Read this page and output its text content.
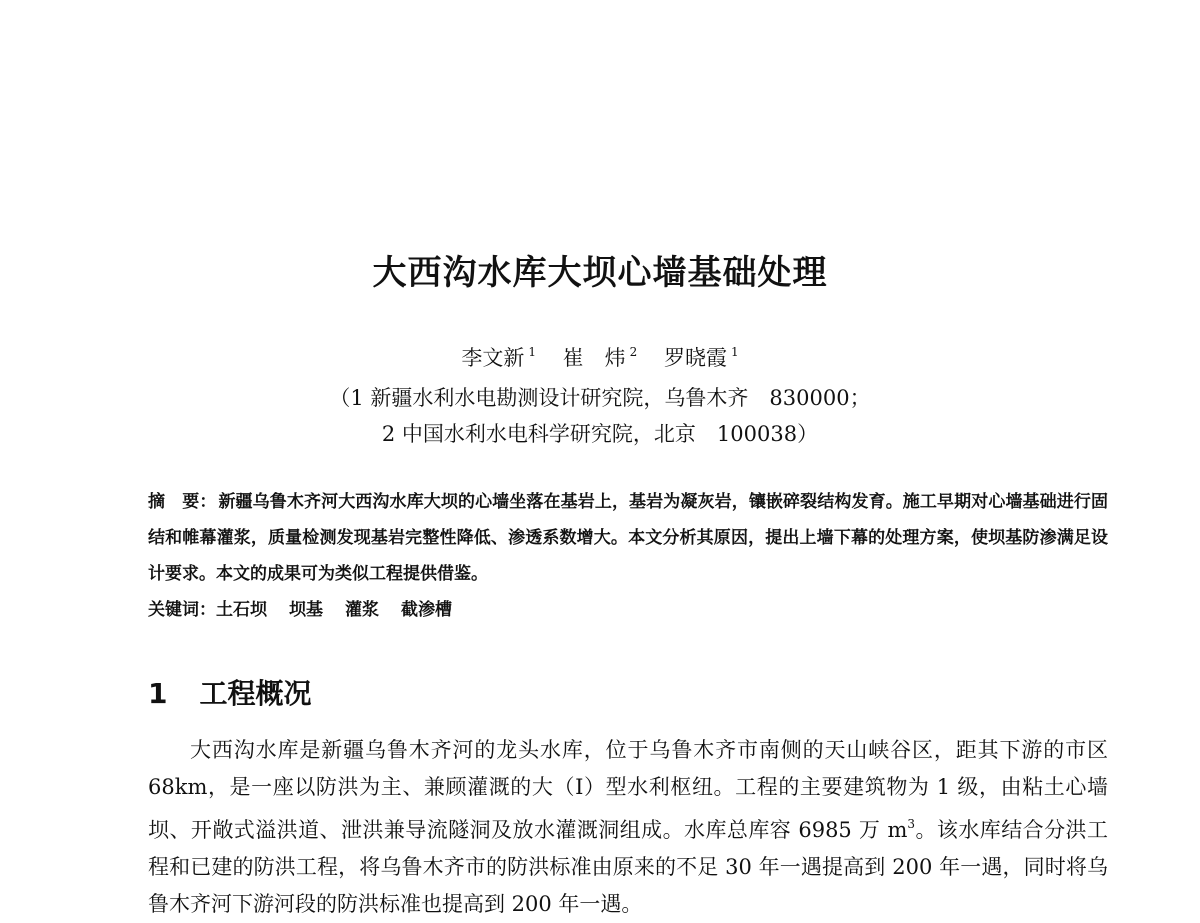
大西沟水库大坝心墙基础处理
李文新 $^1$ 崔　炜 $^2$ 罗晓霞 $^1$
（1 新疆水利水电勘测设计研究院，乌鲁木齐　830000；
2 中国水利水电科学研究院，北京　100038）
摘　要： 新疆乌鲁木齐河大西沟水库大坝的心墙坐落在基岩上，基岩为凝灰岩，镶嵌碎裂结构发育。施工早期对心墙基础进行固结和帷幕灌浆，质量检测发现基岩完整性降低、渗透系数增大。本文分析其原因，提出上墙下幕的处理方案，使坝基防渗满足设计要求。本文的成果可为类似工程提供借鉴。
关键词：土石坝 坝基 灌浆 截渗槽
1 工程概况
大西沟水库是新疆乌鲁木齐河的龙头水库，位于乌鲁木齐市南侧的天山峡谷区，距其下游的市区 68km，是一座以防洪为主、兼顾灌溉的大（Ⅰ）型水利枢纽。工程的主要建筑物为 1 级，由粘土心墙坝、开敞式溢洪道、泄洪兼导流隧洞及放水灌溉洞组成。水库总库容 6985 万 $m^3$。该水库结合分洪工程和已建的防洪工程，将乌鲁木齐市的防洪标准由原来的不足 30 年一遇提高到 200 年一遇，同时将乌鲁木齐河下游河段的防洪标准也提高到 200 年一遇。
